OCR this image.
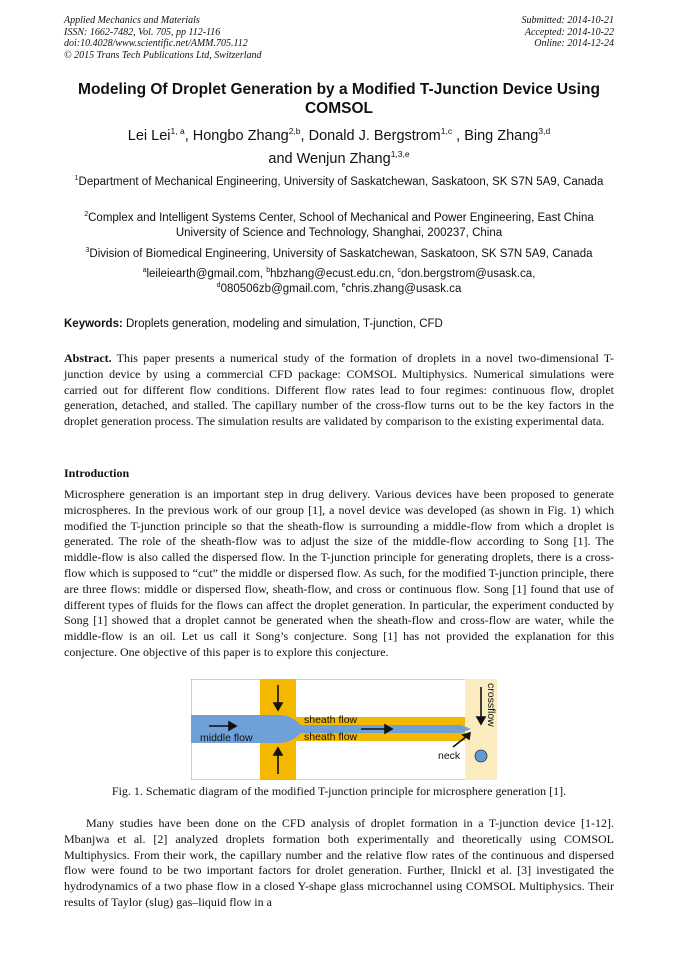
Applied Mechanics and Materials
ISSN: 1662-7482, Vol. 705, pp 112-116
doi:10.4028/www.scientific.net/AMM.705.112
© 2015 Trans Tech Publications Ltd, Switzerland
Submitted: 2014-10-21
Accepted: 2014-10-22
Online: 2014-12-24
Modeling Of Droplet Generation by a Modified T-Junction Device Using COMSOL
Lei Lei$^{1, a}$, Hongbo Zhang$^{2,b}$, Donald J. Bergstrom$^{1,c}$ , Bing Zhang$^{3,d}$
and Wenjun Zhang$^{1,3,e}$
$^1$Department of Mechanical Engineering, University of Saskatchewan, Saskatoon, SK S7N 5A9, Canada
$^2$Complex and Intelligent Systems Center, School of Mechanical and Power Engineering, East China University of Science and Technology, Shanghai, 200237, China
$^3$Division of Biomedical Engineering, University of Saskatchewan, Saskatoon, SK S7N 5A9, Canada
$^a$leileiearth@gmail.com, $^b$hbzhang@ecust.edu.cn, $^c$don.bergstrom@usask.ca,
$^d$080506zb@gmail.com, $^e$chris.zhang@usask.ca
Keywords: Droplets generation, modeling and simulation, T-junction, CFD
Abstract. This paper presents a numerical study of the formation of droplets in a novel two-dimensional T-junction device by using a commercial CFD package: COMSOL Multiphysics. Numerical simulations were carried out for different flow conditions. Different flow rates lead to four regimes: continuous flow, droplet generation, detached, and stalled. The capillary number of the cross-flow turns out to be the key factors in the droplet generation process. The simulation results are validated by comparison to the existing experimental data.
Introduction
Microsphere generation is an important step in drug delivery. Various devices have been proposed to generate microspheres. In the previous work of our group [1], a novel device was developed (as shown in Fig. 1) which modified the T-junction principle so that the sheath-flow is surrounding a middle-flow from which a droplet is generated. The role of the sheath-flow was to adjust the size of the middle-flow according to Song [1]. The middle-flow is also called the dispersed flow. In the T-junction principle for generating droplets, there is a cross-flow which is supposed to “cut” the middle or dispersed flow. As such, for the modified T-junction principle, there are three flows: middle or dispersed flow, sheath-flow, and cross or continuous flow. Song [1] found that use of different types of fluids for the flows can affect the droplet generation. In particular, the experiment conducted by Song [1] showed that a droplet cannot be generated when the sheath-flow and cross-flow are water, while the middle-flow is an oil. Let us call it Song’s conjecture. Song [1] has not provided the explanation for this conjecture. One objective of this paper is to explore this conjecture.
sheath flow
sheath flow
middle flow
neck
crossflow
Fig. 1. Schematic diagram of the modified T-junction principle for microsphere generation [1].
Many studies have been done on the CFD analysis of droplet formation in a T-junction device [1-12]. Mbanjwa et al. [2] analyzed droplets formation both experimentally and theoretically using COMSOL Multiphysics. From their work, the capillary number and the relative flow rates of the continuous and dispersed flow were found to be two important factors for drolet generation. Further, Ilnickl et al. [3] investigated the hydrodynamics of a two phase flow in a closed Y-shape glass microchannel using COMSOL Multiphysics. Their results of Taylor (slug) gas–liquid flow in a
